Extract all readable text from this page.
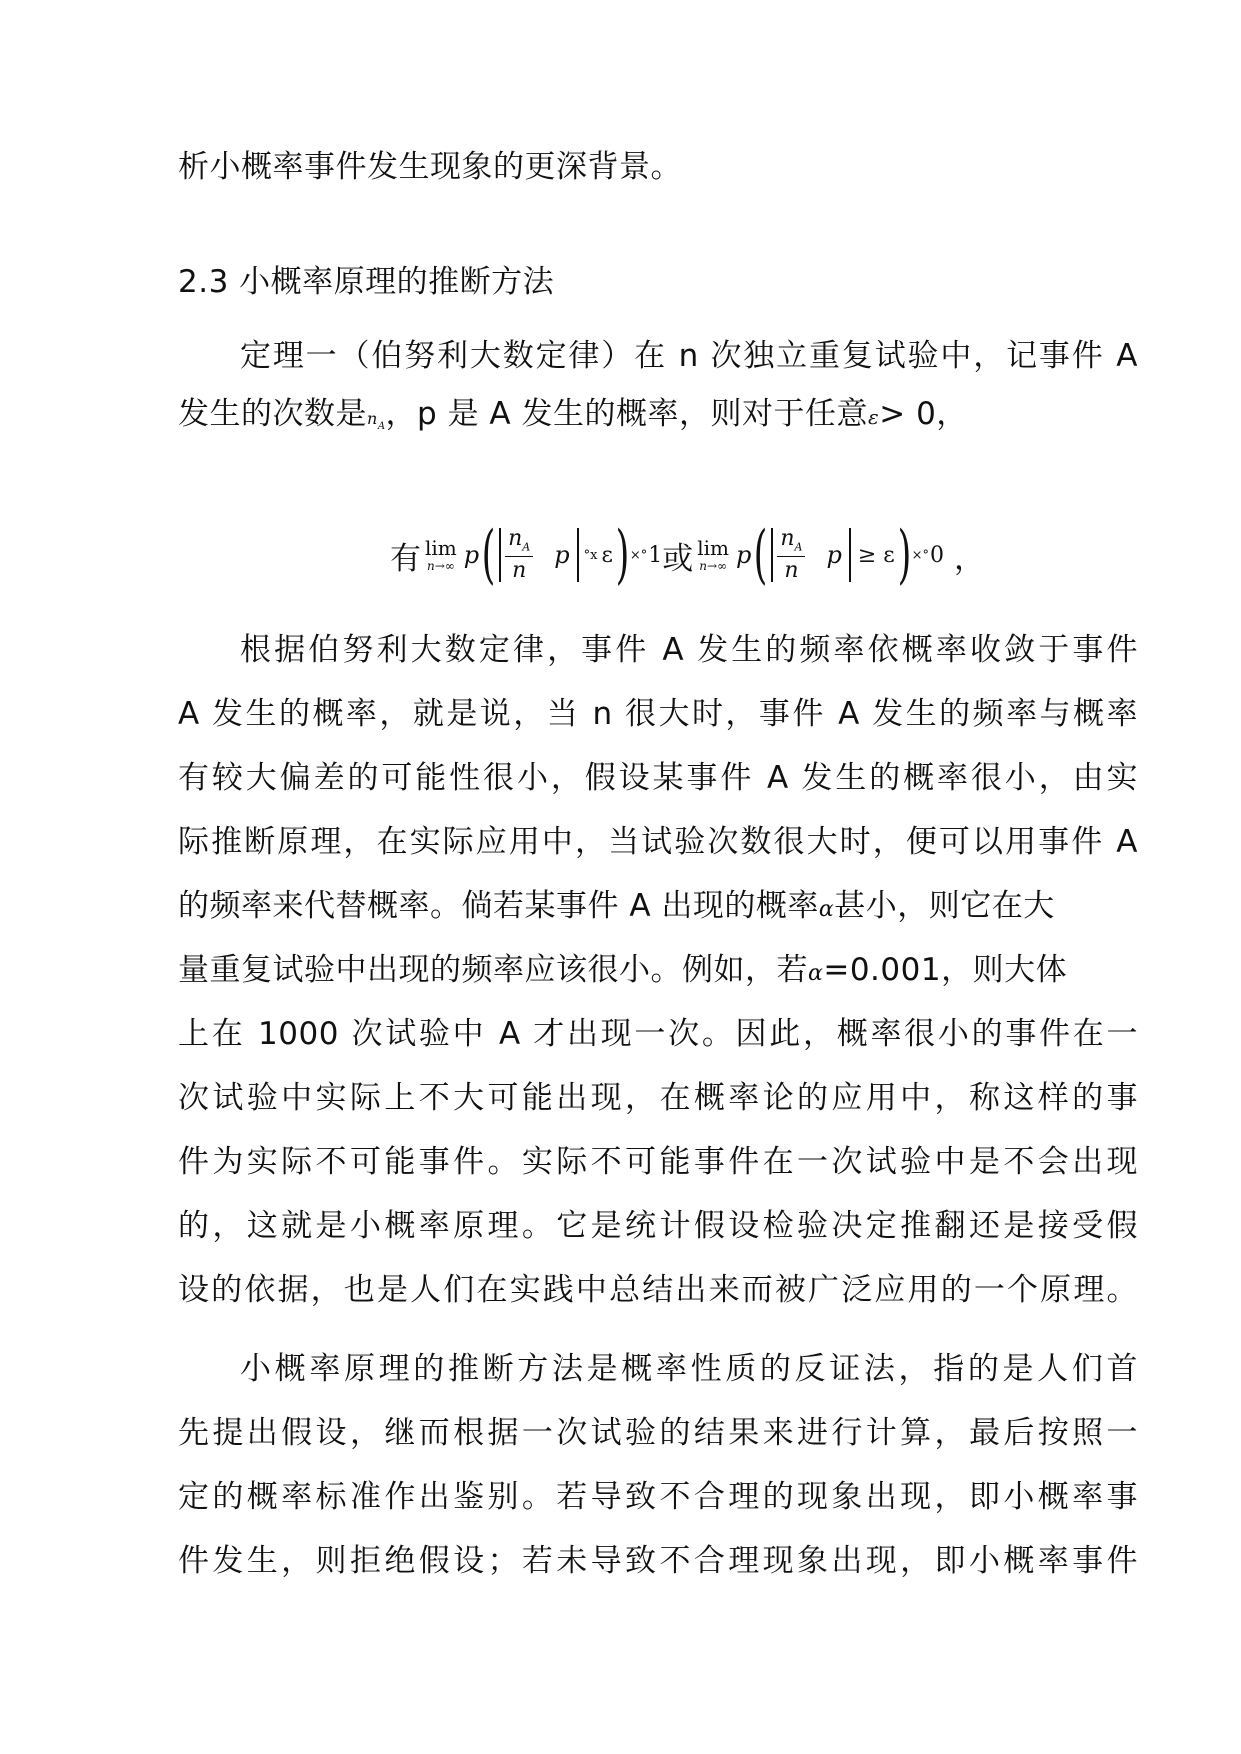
析小概率事件发生现象的更深背景。
2.3 小概率原理的推断方法
定理一（伯努利大数定律）在 n 次独立重复试验中，记事件 A
发生的次数是$n_A$，p 是 A 发生的概率，则对于任意ε> 0，
有 lim
n→∞ p ( $\frac{n_A}{n}$ p °x ε ) ×° 1 或 lim
n→∞ p ( $\frac{n_A}{n}$ p ≥ ε ) ×° 0 ，
根据伯努利大数定律，事件 A 发生的频率依概率收敛于事件
A 发生的概率，就是说，当 n 很大时，事件 A 发生的频率与概率
有较大偏差的可能性很小，假设某事件 A 发生的概率很小，由实
际推断原理，在实际应用中，当试验次数很大时，便可以用事件 A
的频率来代替概率。倘若某事件 A 出现的概率α甚小，则它在大
量重复试验中出现的频率应该很小。例如，若α=0.001，则大体
上在 1000 次试验中 A 才出现一次。因此，概率很小的事件在一
次试验中实际上不大可能出现，在概率论的应用中，称这样的事
件为实际不可能事件。实际不可能事件在一次试验中是不会出现
的，这就是小概率原理。它是统计假设检验决定推翻还是接受假
设的依据，也是人们在实践中总结出来而被广泛应用的一个原理。
小概率原理的推断方法是概率性质的反证法，指的是人们首
先提出假设，继而根据一次试验的结果来进行计算，最后按照一
定的概率标准作出鉴别。若导致不合理的现象出现，即小概率事
件发生，则拒绝假设；若未导致不合理现象出现，即小概率事件
